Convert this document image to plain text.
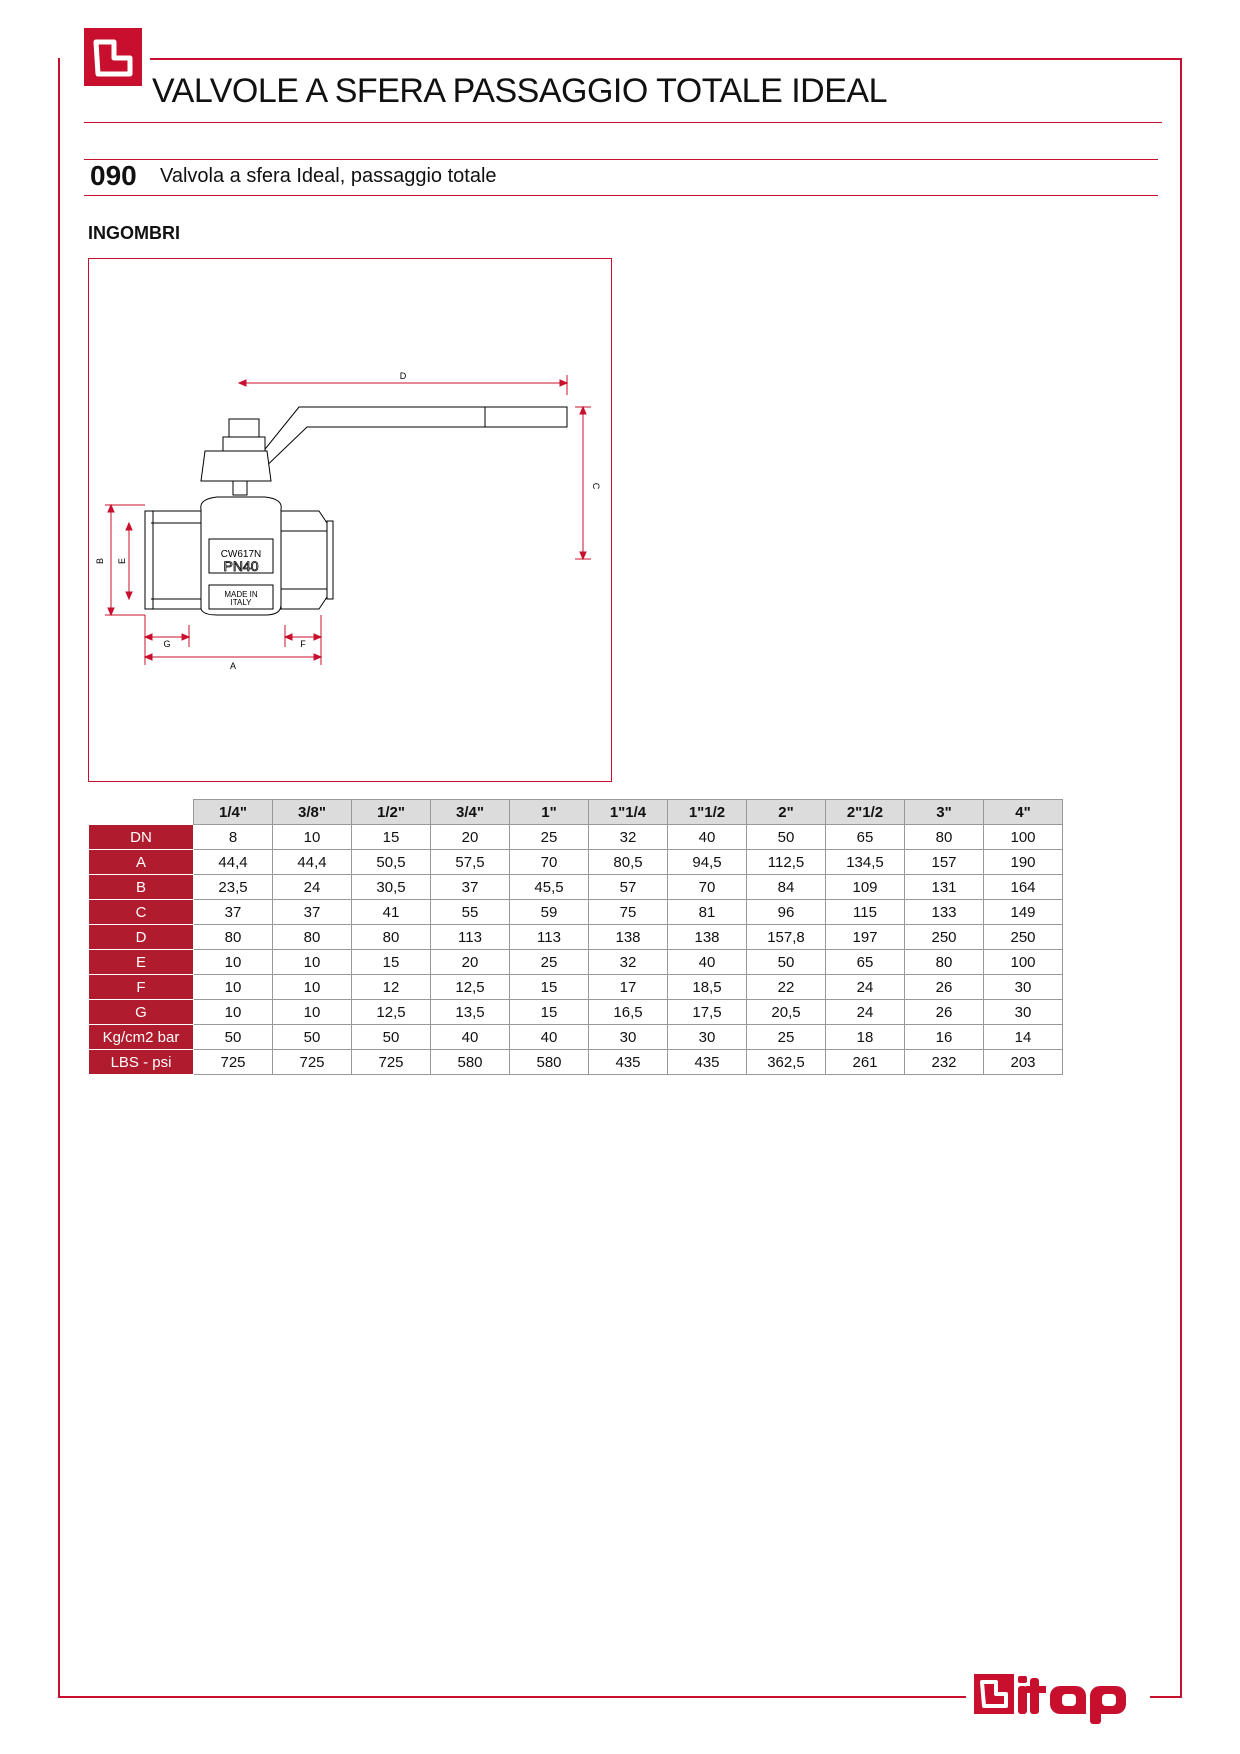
VALVOLE A SFERA PASSAGGIO TOTALE IDEAL
090 Valvola a sfera Ideal, passaggio totale
INGOMBRI
CW617N
PN40
MADE IN
ITALY
D
C
B E
G	F
A
	1/4"	3/8"	1/2"	3/4"	1"	1"1/4	1"1/2	2"	2"1/2	3"	4"
DN	8	10	15	20	25	32	40	50	65	80	100
A	44,4	44,4	50,5	57,5	70	80,5	94,5	112,5	134,5	157	190
B	23,5	24	30,5	37	45,5	57	70	84	109	131	164
C	37	37	41	55	59	75	81	96	115	133	149
D	80	80	80	113	113	138	138	157,8	197	250	250
E	10	10	15	20	25	32	40	50	65	80	100
F	10	10	12	12,5	15	17	18,5	22	24	26	30
G	10	10	12,5	13,5	15	16,5	17,5	20,5	24	26	30
Kg/cm2 bar	50	50	50	40	40	30	30	25	18	16	14
LBS - psi	725	725	725	580	580	435	435	362,5	261	232	203
